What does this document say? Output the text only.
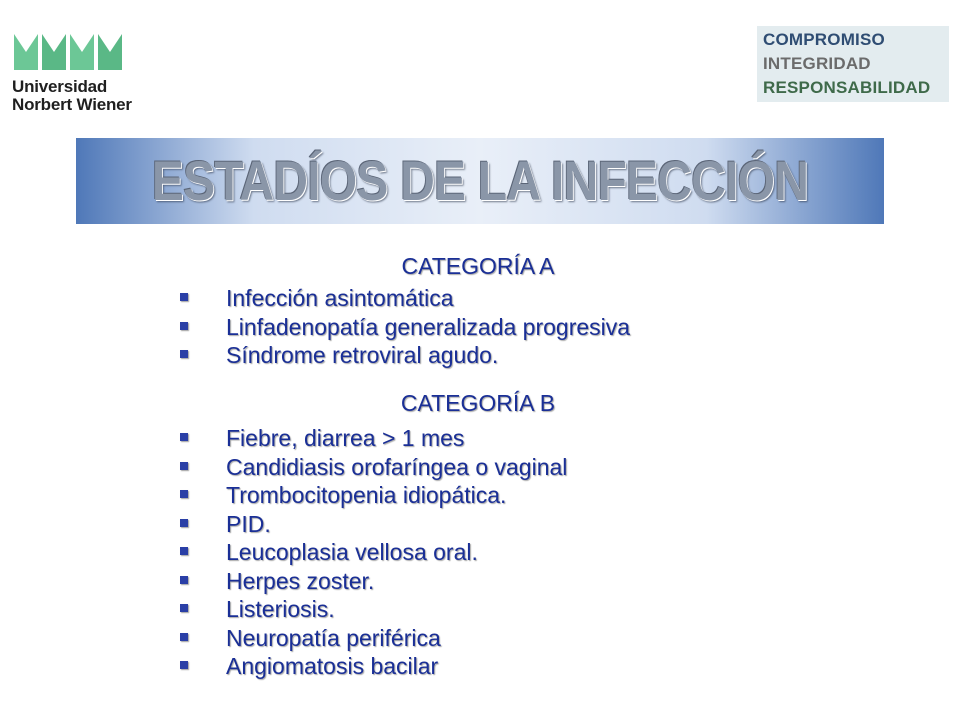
Universidad
Norbert Wiener
COMPROMISO
INTEGRIDAD
RESPONSABILIDAD
ESTADÍOS DE LA INFECCIÓN
CATEGORÍA A
Infección asintomática
Linfadenopatía generalizada progresiva
Síndrome retroviral agudo.
CATEGORÍA B
Fiebre, diarrea > 1 mes
Candidiasis orofaríngea o vaginal
Trombocitopenia idiopática.
PID.
Leucoplasia vellosa oral.
Herpes zoster.
Listeriosis.
Neuropatía periférica
Angiomatosis bacilar
